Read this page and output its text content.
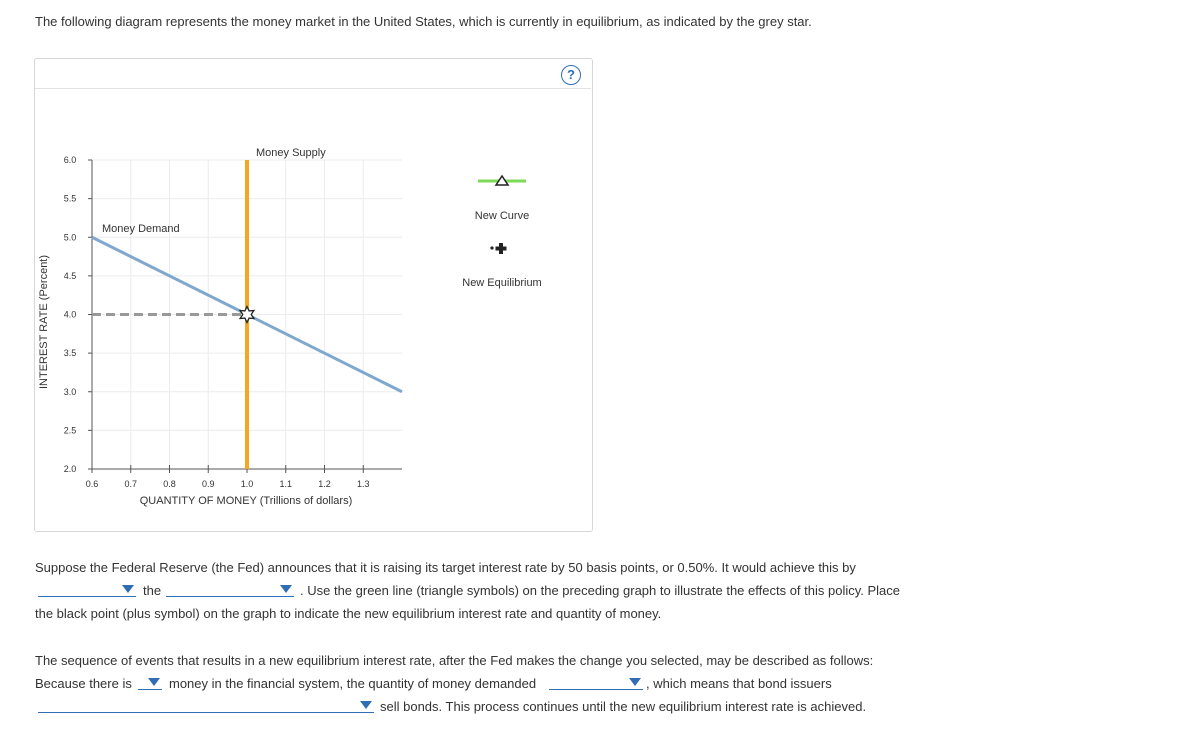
The following diagram represents the money market in the United States, which is currently in equilibrium, as indicated by the grey star.
?
6.0
5.5
5.0
4.5
4.0
3.5
3.0
2.5
2.0
0.6	0.7	0.8	0.9	1.0	1.1	1.2	1.3
INTEREST RATE (Percent)
QUANTITY OF MONEY (Trillions of dollars)
Money Supply
Money Demand
New Curve
New Equilibrium
Suppose the Federal Reserve (the Fed) announces that it is raising its target interest rate by 50 basis points, or 0.50%. It would achieve this by
the	. Use the green line (triangle symbols) on the preceding graph to illustrate the effects of this policy. Place
the black point (plus symbol) on the graph to indicate the new equilibrium interest rate and quantity of money.
The sequence of events that results in a new equilibrium interest rate, after the Fed makes the change you selected, may be described as follows:
Because there is	money in the financial system, the quantity of money demanded	, which means that bond issuers
sell bonds. This process continues until the new equilibrium interest rate is achieved.
